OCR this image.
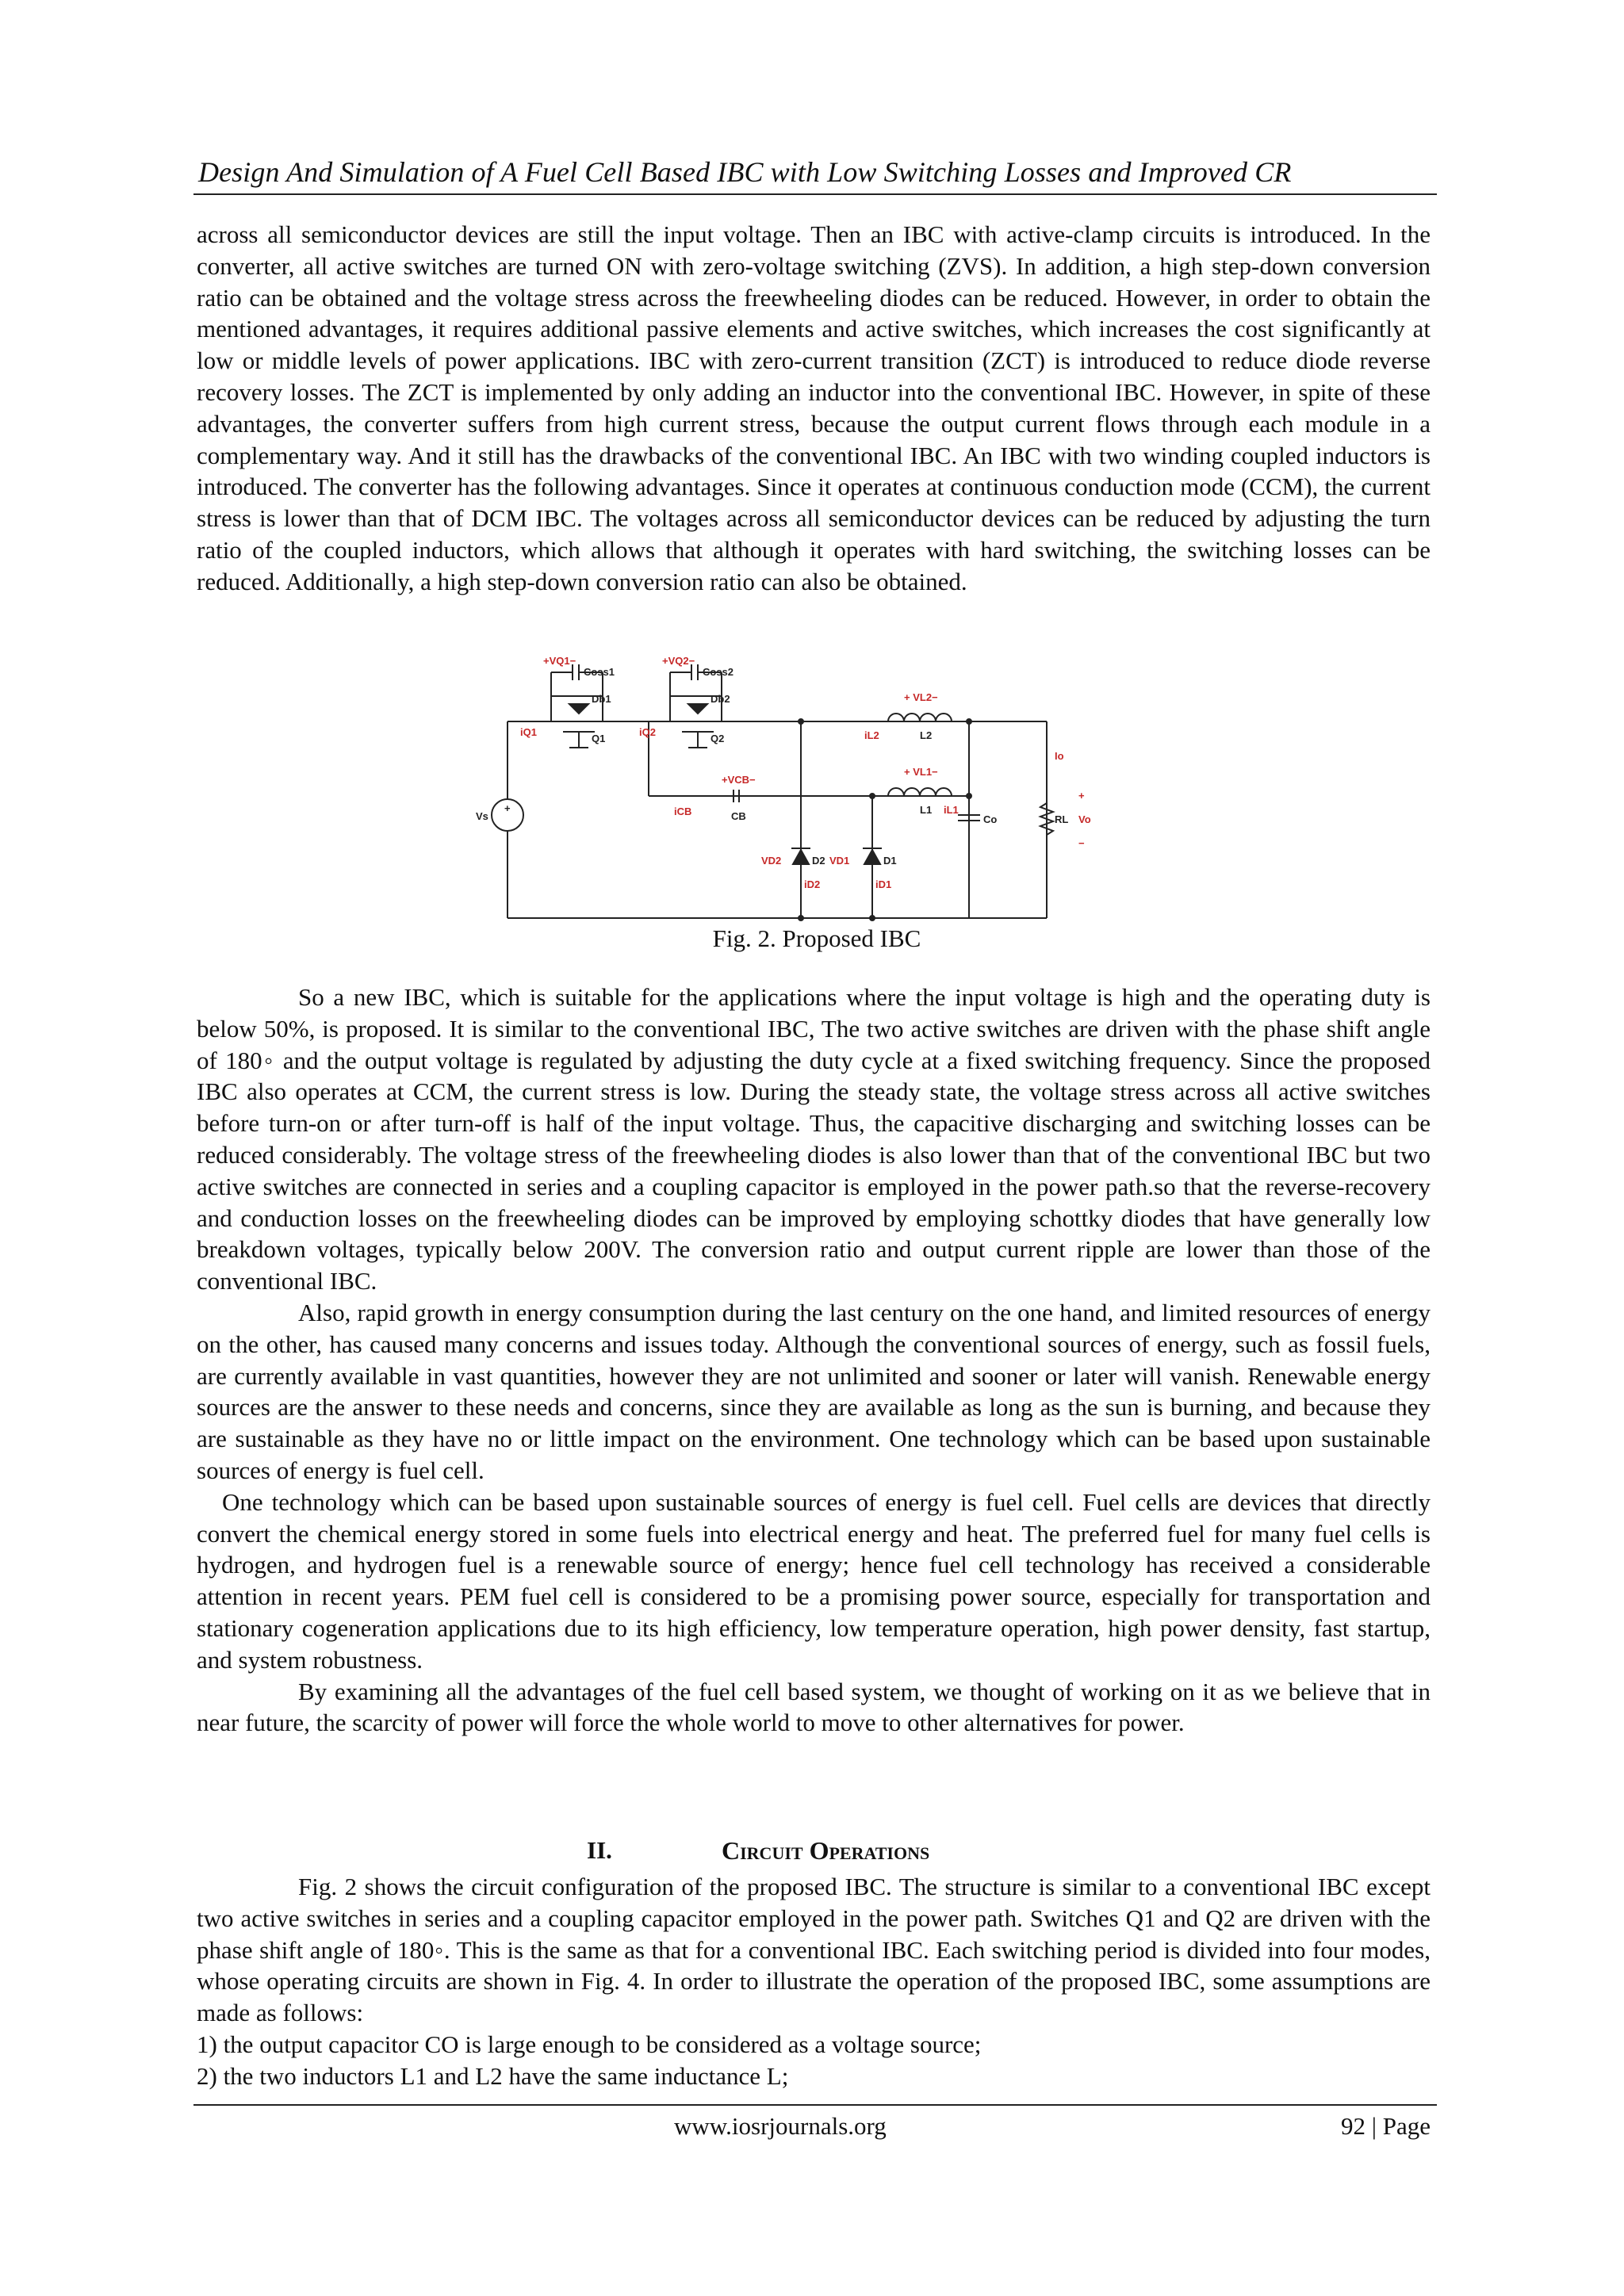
Design And Simulation of A Fuel Cell Based IBC with Low Switching Losses and Improved CR

across all semiconductor devices are still the input voltage. Then an IBC with active-clamp circuits is introduced. In the converter, all active switches are turned ON with zero-voltage switching (ZVS). In addition, a high step-down conversion ratio can be obtained and the voltage stress across the freewheeling diodes can be reduced. However, in order to obtain the mentioned advantages, it requires additional passive elements and active switches, which increases the cost significantly at low or middle levels of power applications. IBC with zero-current transition (ZCT) is introduced to reduce diode reverse recovery losses. The ZCT is implemented by only adding an inductor into the conventional IBC. However, in spite of these advantages, the converter suffers from high current stress, because the output current flows through each module in a complementary way. And it still has the drawbacks of the conventional IBC. An IBC with two winding coupled inductors is introduced. The converter has the following advantages. Since it operates at continuous conduction mode (CCM), the current stress is lower than that of DCM IBC. The voltages across all semiconductor devices can be reduced by adjusting the turn ratio of the coupled inductors, which allows that although it operates with hard switching, the switching losses can be reduced. Additionally, a high step-down conversion ratio can also be obtained.

+VQ1−
Coss1
Db1
iQ1
Q1
+VQ2−
Coss2
Db2
iQ2
Q2
+ VL2−
L2
iL2
+ VL1−
L1 iL1
+VCB−
CB
iCB
Vs
VD2	D2 VD1	D1
iD2	iD1
Co	RL Vo
Io
+
−
+
Fig. 2. Proposed IBC

So a new IBC, which is suitable for the applications where the input voltage is high and the operating duty is below 50%, is proposed. It is similar to the conventional IBC, The two active switches are driven with the phase shift angle of 180◦ and the output voltage is regulated by adjusting the duty cycle at a fixed switching frequency. Since the proposed IBC also operates at CCM, the current stress is low. During the steady state, the voltage stress across all active switches before turn-on or after turn-off is half of the input voltage. Thus, the capacitive discharging and switching losses can be reduced considerably. The voltage stress of the freewheeling diodes is also lower than that of the conventional IBC but two active switches are connected in series and a coupling capacitor is employed in the power path.so that the reverse-recovery and conduction losses on the freewheeling diodes can be improved by employing schottky diodes that have generally low breakdown voltages, typically below 200V. The conversion ratio and output current ripple are lower than those of the conventional IBC.

Also, rapid growth in energy consumption during the last century on the one hand, and limited resources of energy on the other, has caused many concerns and issues today. Although the conventional sources of energy, such as fossil fuels, are currently available in vast quantities, however they are not unlimited and sooner or later will vanish. Renewable energy sources are the answer to these needs and concerns, since they are available as long as the sun is burning, and because they are sustainable as they have no or little impact on the environment. One technology which can be based upon sustainable sources of energy is fuel cell.

One technology which can be based upon sustainable sources of energy is fuel cell. Fuel cells are devices that directly convert the chemical energy stored in some fuels into electrical energy and heat. The preferred fuel for many fuel cells is hydrogen, and hydrogen fuel is a renewable source of energy; hence fuel cell technology has received a considerable attention in recent years. PEM fuel cell is considered to be a promising power source, especially for transportation and stationary cogeneration applications due to its high efficiency, low temperature operation, high power density, fast startup, and system robustness.

By examining all the advantages of the fuel cell based system, we thought of working on it as we believe that in near future, the scarcity of power will force the whole world to move to other alternatives for power.

II.	Circuit Operations

Fig. 2 shows the circuit configuration of the proposed IBC. The structure is similar to a conventional IBC except two active switches in series and a coupling capacitor employed in the power path. Switches Q1 and Q2 are driven with the phase shift angle of 180◦. This is the same as that for a conventional IBC. Each switching period is divided into four modes, whose operating circuits are shown in Fig. 4. In order to illustrate the operation of the proposed IBC, some assumptions are made as follows:

1) the output capacitor CO is large enough to be considered as a voltage source;

2) the two inductors L1 and L2 have the same inductance L;

www.iosrjournals.org	92 | Page
